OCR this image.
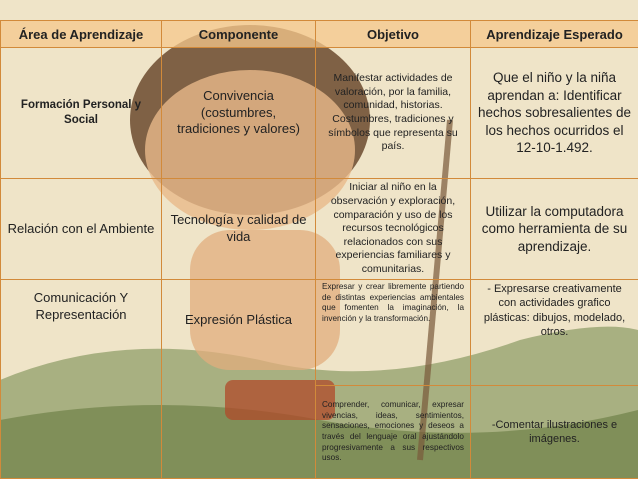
Área de Aprendizaje	Componente	Objetivo	Aprendizaje Esperado

Formación Personal y Social	Convivencia (costumbres, tradiciones y valores)	Manifestar actividades de valoración, por la familia, comunidad, historias. Costumbres, tradiciones y símbolos que representa su país.	Que el niño y la niña aprendan a: Identificar hechos sobresalientes de los hechos ocurridos el 12-10-1.492.

Relación con el Ambiente	Tecnología y calidad de vida	Iniciar al niño en la observación y exploración, comparación y uso de los recursos tecnológicos relacionados con sus experiencias familiares y comunitarias.	Utilizar la computadora como herramienta de su aprendizaje.

Comunicación Y Representación	Expresión Plástica	Expresar y crear libremente partiendo de distintas experiencias ambientales que fomenten la imaginación, la invención y la transformación.	- Expresarse creativamente con actividades grafico plásticas: dibujos, modelado, otros.

		Comprender, comunicar, expresar vivencias, ideas, sentimientos, sensaciones, emociones y deseos a través del lenguaje oral ajustándolo progresivamente a sus respectivos usos.	-Comentar ilustraciones e imágenes.
